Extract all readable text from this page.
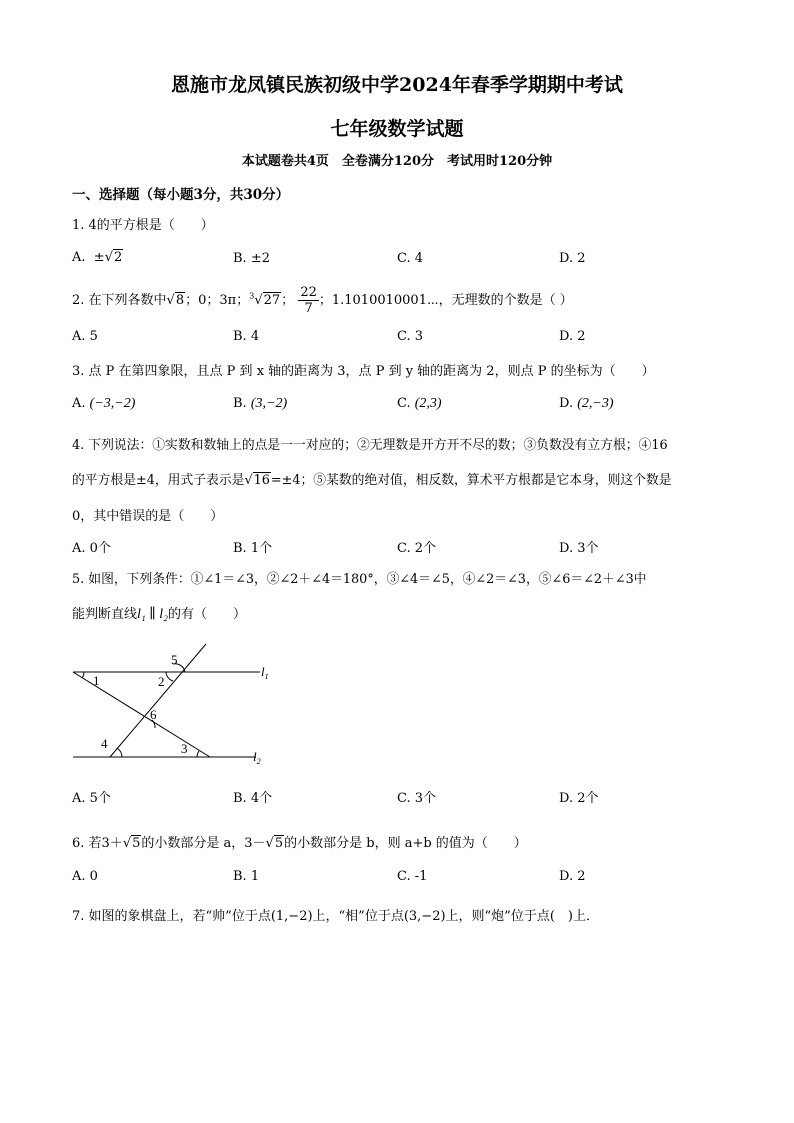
恩施市龙凤镇民族初级中学2024年春季学期期中考试
七年级数学试题
本试题卷共4页　全卷满分120分　考试用时120分钟
一、选择题（每小题3分，共30分）
1. 4的平方根是（　　）
A. ±√2	B. ±2	C. 4	D. 2
2. 在下列各数中√8；0；3π；$^3$√27； $\frac{22}{7}$ ；1.1010010001⋯，无理数的个数是（ ）
A. 5	B. 4	C. 3	D. 2
3. 点 P 在第四象限，且点 P 到 x 轴的距离为 3，点 P 到 y 轴的距离为 2，则点 P 的坐标为（　　）
A. (−3,−2)	B. (3,−2)	C. (2,3)	D. (2,−3)
4. 下列说法：①实数和数轴上的点是一一对应的；②无理数是开方开不尽的数；③负数没有立方根；④16
的平方根是±4，用式子表示是√16=±4；⑤某数的绝对值，相反数，算术平方根都是它本身，则这个数是
0，其中错误的是（　　）
A. 0个	B. 1个	C. 2个	D. 3个
5. 如图，下列条件：①∠1＝∠3，②∠2＋∠4＝180°，③∠4＝∠5，④∠2＝∠3，⑤∠6＝∠2＋∠3中
能判断直线l₁ ∥ l₂的有（　　）
1	2
3
4
5
6
$l_1$
$l_2$
A. 5个	B. 4个	C. 3个	D. 2个
6. 若3＋√5的小数部分是 a，3－√5的小数部分是 b，则 a+b 的值为（　　）
A. 0	B. 1	C. -1	D. 2
7. 如图的象棋盘上，若“帅”位于点(1,−2)上，“相”位于点(3,−2)上，则“炮”位于点(　)上．
